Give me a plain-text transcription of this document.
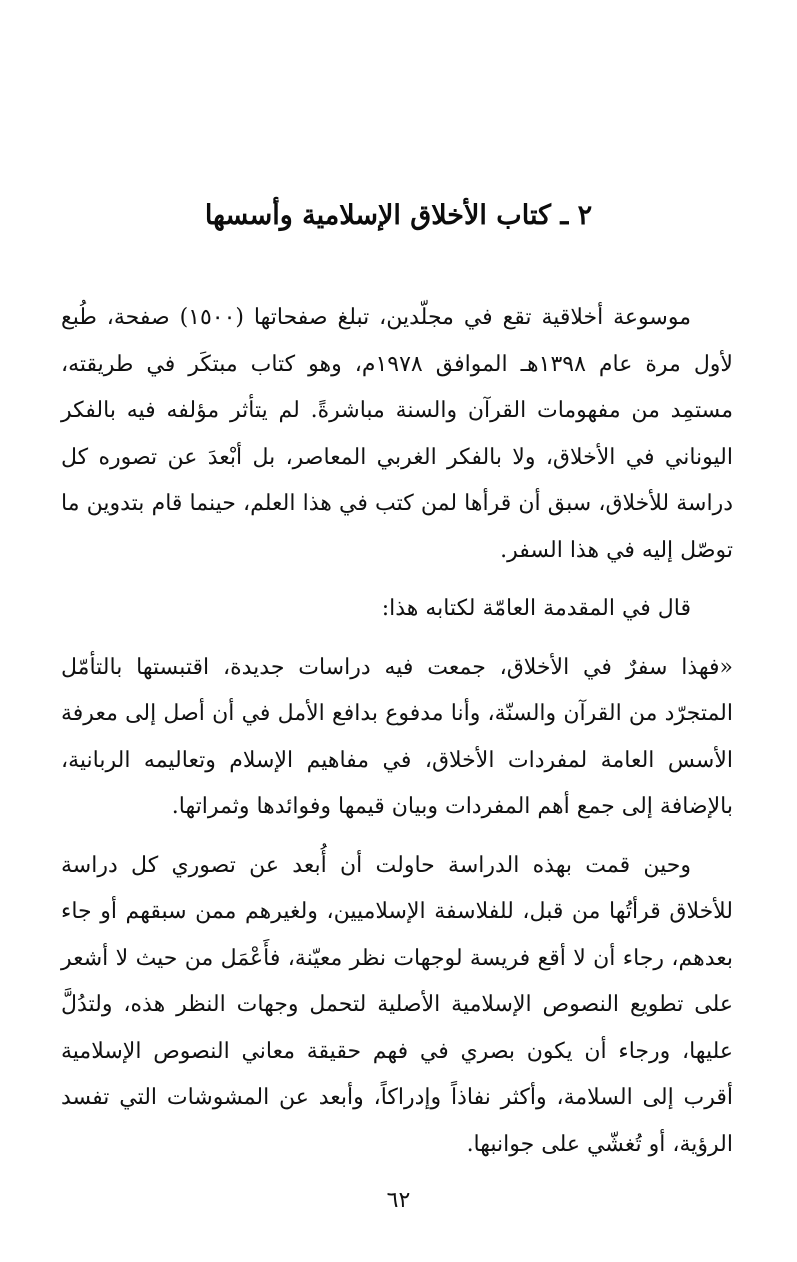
٢ ـ كتاب الأخلاق الإسلامية وأسسها

موسوعة أخلاقية تقع في مجلّدين، تبلغ صفحاتها (١٥٠٠) صفحة، طُبع لأول مرة عام ١٣٩٨هـ الموافق ١٩٧٨م، وهو كتاب مبتكَر في طريقته، مستمِد من مفهومات القرآن والسنة مباشرةً. لم يتأثر مؤلفه فيه بالفكر اليوناني في الأخلاق، ولا بالفكر الغربي المعاصر، بل أبْعدَ عن تصوره كل دراسة للأخلاق، سبق أن قرأها لمن كتب في هذا العلم، حينما قام بتدوين ما توصّل إليه في هذا السفر.

قال في المقدمة العامّة لكتابه هذا:

«فهذا سفرٌ في الأخلاق، جمعت فيه دراسات جديدة، اقتبستها بالتأمّل المتجرّد من القرآن والسنّة، وأنا مدفوع بدافع الأمل في أن أصل إلى معرفة الأسس العامة لمفردات الأخلاق، في مفاهيم الإسلام وتعاليمه الربانية، بالإضافة إلى جمع أهم المفردات وبيان قيمها وفوائدها وثمراتها.

وحين قمت بهذه الدراسة حاولت أن أُبعد عن تصوري كل دراسة للأخلاق قرأتُها من قبل، للفلاسفة الإسلاميين، ولغيرهم ممن سبقهم أو جاء بعدهم، رجاء أن لا أقع فريسة لوجهات نظر معيّنة، فأَعْمَل من حيث لا أشعر على تطويع النصوص الإسلامية الأصلية لتحمل وجهات النظر هذه، ولتدُلَّ عليها، ورجاء أن يكون بصري في فهم حقيقة معاني النصوص الإسلامية أقرب إلى السلامة، وأكثر نفاذاً وإدراكاً، وأبعد عن المشوشات التي تفسد الرؤية، أو تُغشّي على جوانبها.

٦٢
